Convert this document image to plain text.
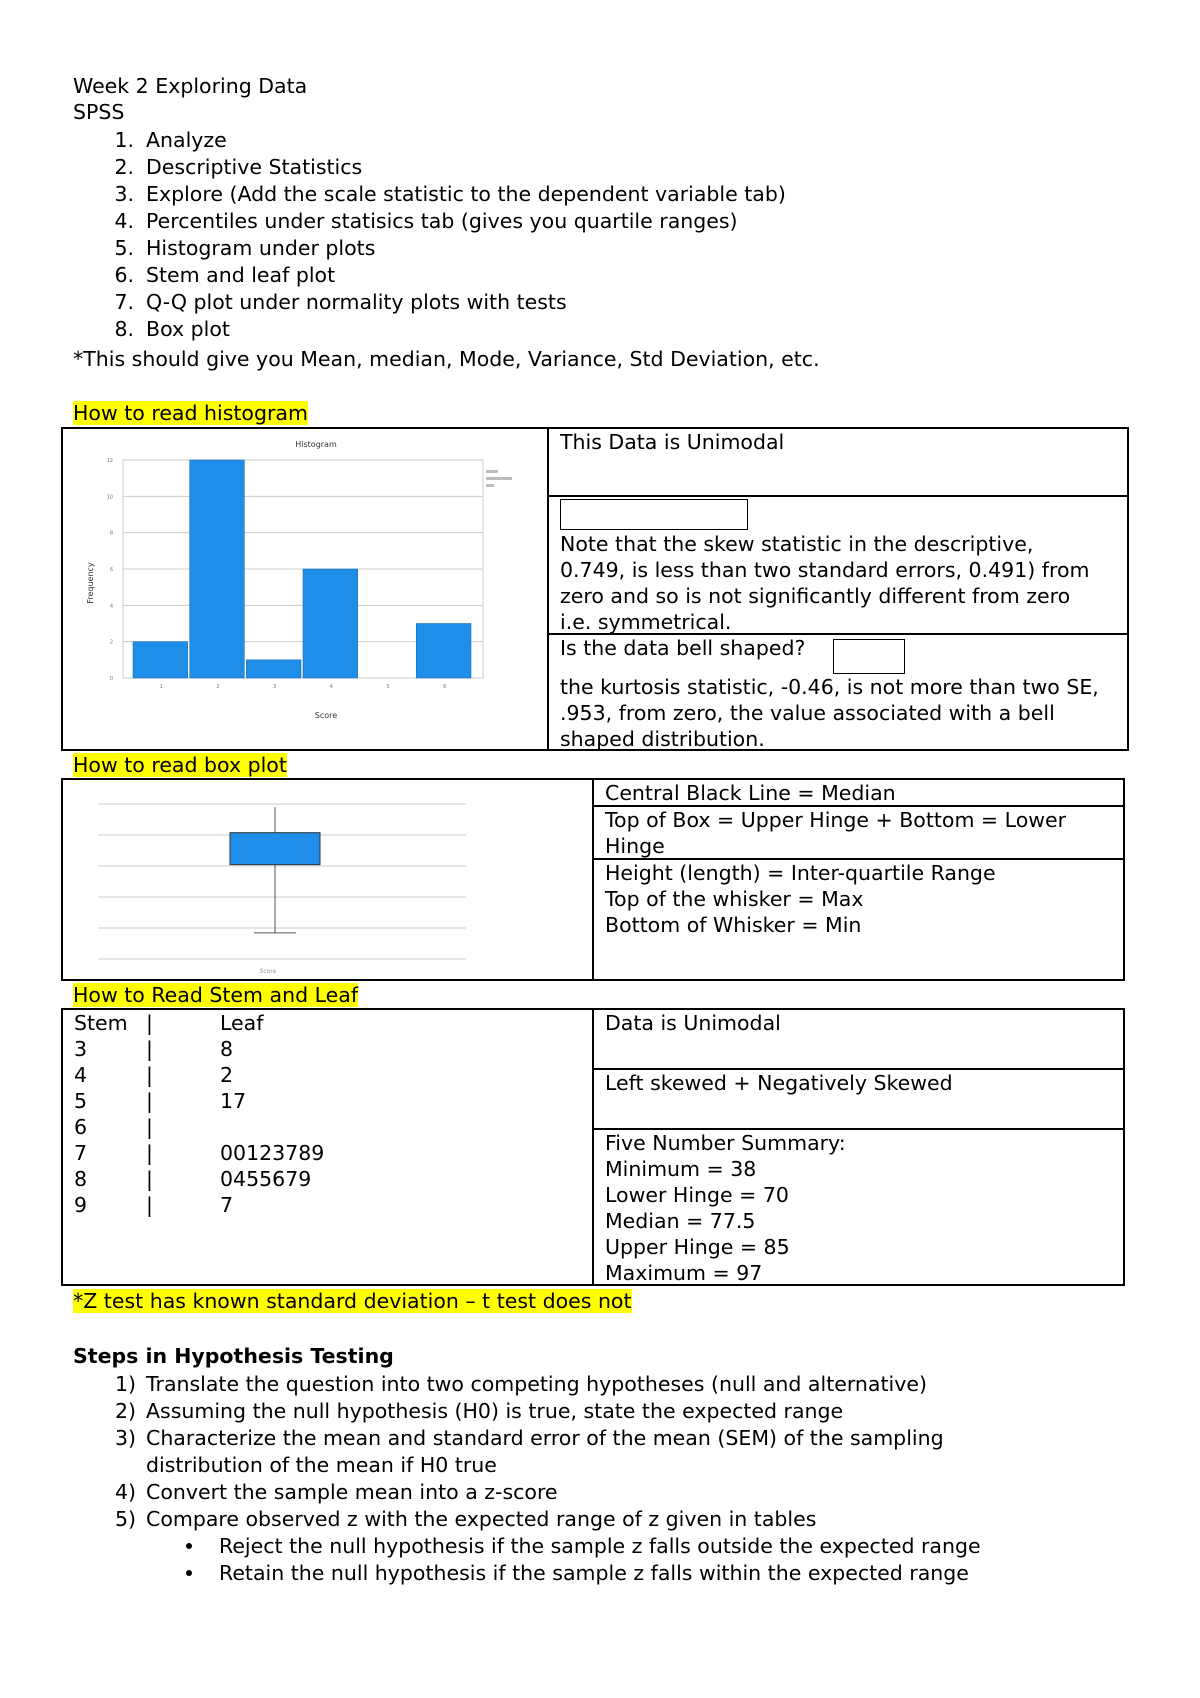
Week 2 Exploring Data
SPSS
1. Analyze
2. Descriptive Statistics
3. Explore (Add the scale statistic to the dependent variable tab)
4. Percentiles under statisics tab (gives you quartile ranges)
5. Histogram under plots
6. Stem and leaf plot
7. Q-Q plot under normality plots with tests
8. Box plot
*This should give you Mean, median, Mode, Variance, Std Deviation, etc.
How to read histogram
Histogram
Frequency
Score
0
2
4
6
8
10
12
1	2	3	4	5	6
This Data is Unimodal
Note that the skew statistic in the descriptive, 0.749, is less than two standard errors, 0.491) from zero and so is not significantly different from zero i.e. symmetrical.
Is the data bell shaped?
the kurtosis statistic, -0.46, is not more than two SE, .953, from zero, the value associated with a bell shaped distribution.
How to read box plot
Score
Central Black Line = Median
Top of Box = Upper Hinge + Bottom = Lower Hinge
Height (length) = Inter-quartile Range
Top of the whisker = Max
Bottom of Whisker = Min
How to Read Stem and Leaf
Stem |	Leaf
3	|	8
4	|	2
5	|	17
6	|
7	|	00123789
8	|	0455679
9	|	7
Data is Unimodal
Left skewed + Negatively Skewed
Five Number Summary:
Minimum = 38
Lower Hinge = 70
Median = 77.5
Upper Hinge = 85
Maximum = 97
*Z test has known standard deviation – t test does not
Steps in Hypothesis Testing
1) Translate the question into two competing hypotheses (null and alternative)
2) Assuming the null hypothesis (H0) is true, state the expected range
3) Characterize the mean and standard error of the mean (SEM) of the sampling
distribution of the mean if H0 true
4) Convert the sample mean into a z-score
5) Compare observed z with the expected range of z given in tables
Reject the null hypothesis if the sample z falls outside the expected range
Retain the null hypothesis if the sample z falls within the expected range
